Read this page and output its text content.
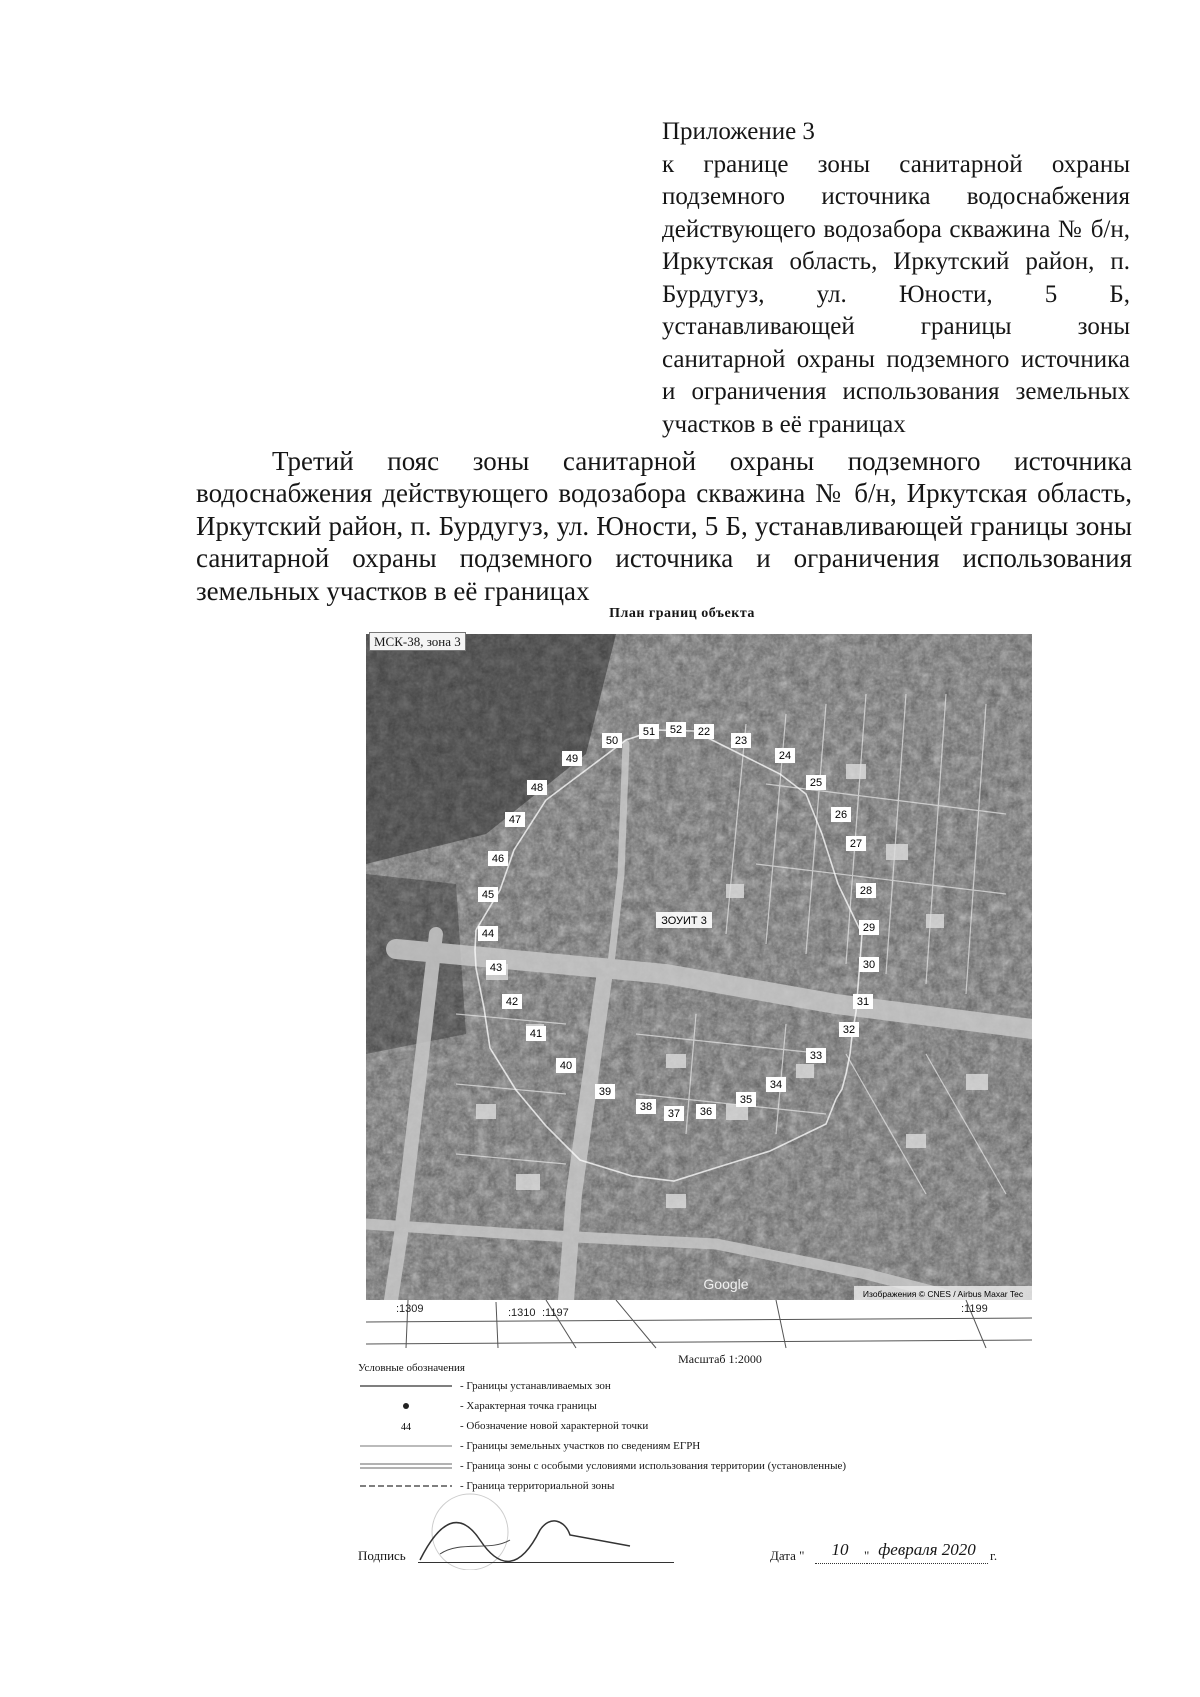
Приложение 3
к границе зоны санитарной охраны подземного источника водоснабжения действующего водозабора скважина № б/н, Иркутская область, Иркутский район, п. Бурдугуз, ул. Юности, 5 Б, устанавливающей границы зоны санитарной охраны подземного источника и ограничения использования земельных участков в её границах
Третий пояс зоны санитарной охраны подземного источника водоснабжения действующего водозабора скважина № б/н, Иркутская область, Иркутский район, п. Бурдугуз, ул. Юности, 5 Б, устанавливающей границы зоны санитарной охраны подземного источника и ограничения использования земельных участков в её границах
План границ объекта
22
23
24
25
26
27
28
29
30
31
32
33
34
35
36
37
38
39
40
41
42
43
44
45
46
47
48
49
50
51 52
ЗОУИТ 3
Google
Изображения © CNES / Airbus Maxar Tec
МСК-38, зона 3
:1310 :1197
:1309	:1199
Масштаб 1:2000
Условные обозначения
- Границы устанавливаемых зон
- Характерная точка границы
44	- Обозначение новой характерной точки
- Границы земельных участков по сведениям ЕГРН
- Граница зоны с особыми условиями использования территории (установленные)
- Граница территориальной зоны
Подпись	Дата "	10	" февраля 2020	г.
